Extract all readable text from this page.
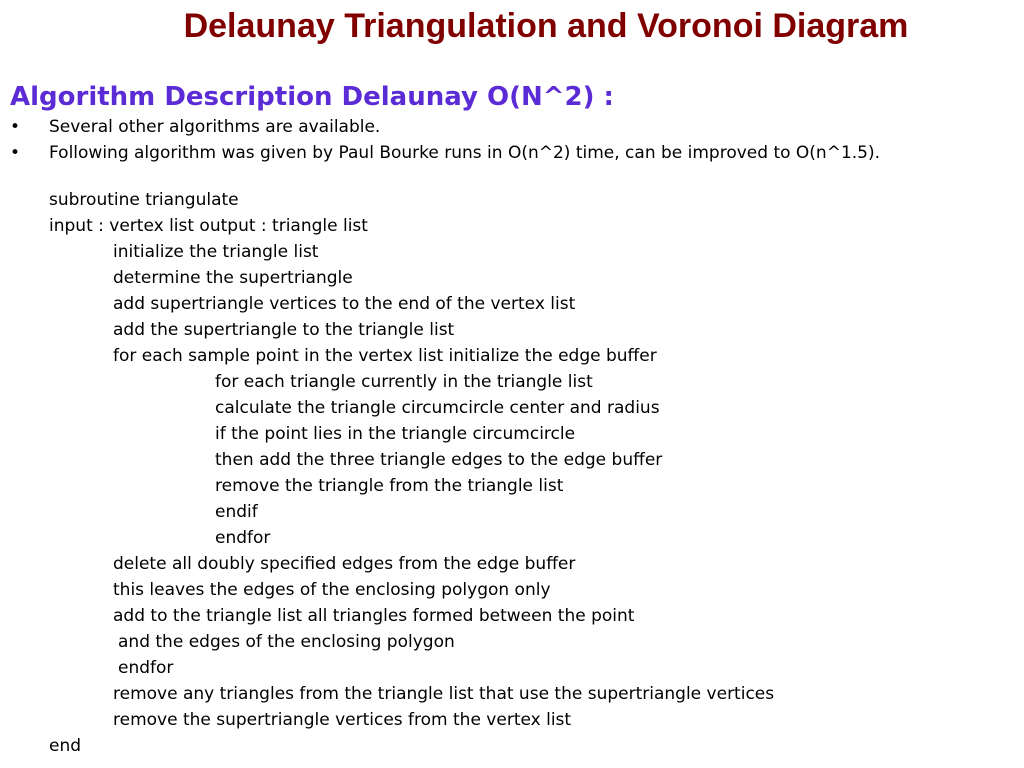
Delaunay Triangulation and Voronoi Diagram
Algorithm Description Delaunay O(N^2) :
• Several other algorithms are available.
• Following algorithm was given by Paul Bourke runs in O(n^2) time, can be improved to O(n^1.5).
subroutine triangulate
input : vertex list output : triangle list
initialize the triangle list
determine the supertriangle
add supertriangle vertices to the end of the vertex list
add the supertriangle to the triangle list
for each sample point in the vertex list initialize the edge buffer
for each triangle currently in the triangle list
calculate the triangle circumcircle center and radius
if the point lies in the triangle circumcircle
then add the three triangle edges to the edge buffer
remove the triangle from the triangle list
endif
endfor
delete all doubly specified edges from the edge buffer
this leaves the edges of the enclosing polygon only
add to the triangle list all triangles formed between the point
and the edges of the enclosing polygon
endfor
remove any triangles from the triangle list that use the supertriangle vertices
remove the supertriangle vertices from the vertex list
end
